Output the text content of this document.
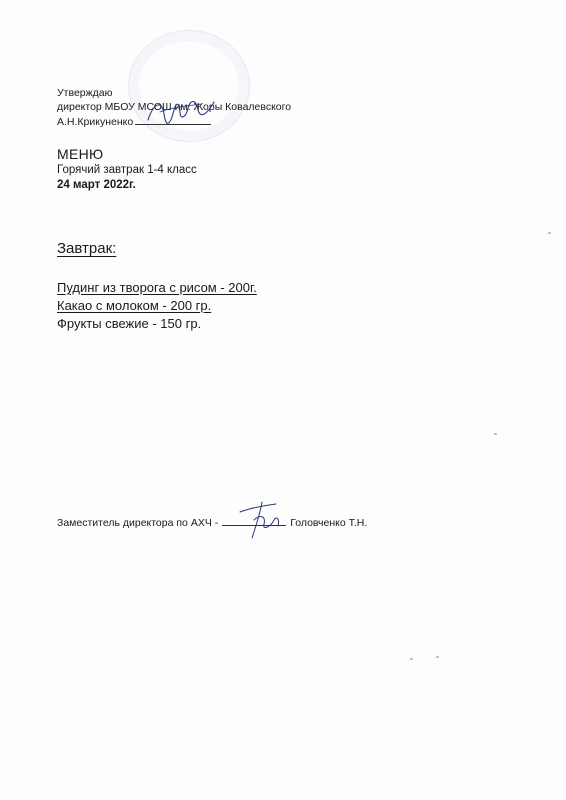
Утверждаю
директор МБОУ МСОШ им. Жоры Ковалевского
А.Н.Крикуненко
МЕНЮ
Горячий завтрак 1-4 класс
24 март 2022г.
Завтрак:
Пудинг из творога с рисом - 200г.
Какао с молоком - 200 гр.
Фрукты свежие - 150 гр.
Заместитель директора по АХЧ -	Головченко Т.Н.
